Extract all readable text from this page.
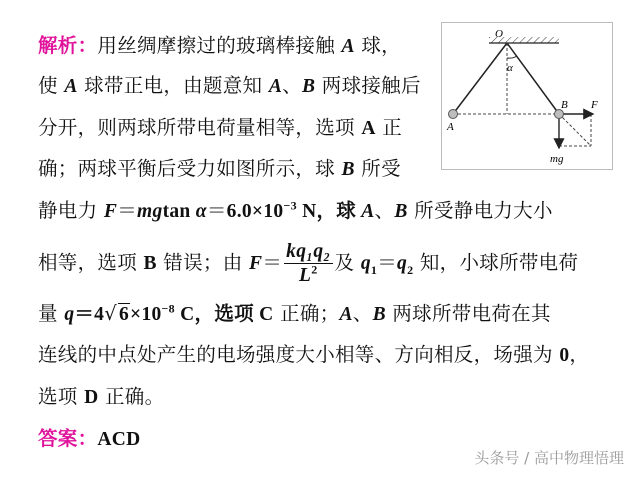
解析：用丝绸摩擦过的玻璃棒接触 A 球，
使 A 球带正电，由题意知 A、B 两球接触后
分开，则两球所带电荷量相等，选项 A 正
确；两球平衡后受力如图所示，球 B 所受
静电力 F＝mgtan $\alpha=6.0\times 10^{-3}$ N，球 A、B 所受静电力大小
相等，选项 B 错误；由 $F= \frac{\text{kq₁q₂}}{L^2}$ 及 $q_1=q_2$ 知，小球所带电荷
量 q＝4√ $6\times 10^{-8}$ C，选项 C 正确；A、B 两球所带电荷在其
连线的中点处产生的电场强度大小相等、方向相反，场强为 0，
选项 D 正确。
答案：ACD
O
α
A
B F
mg
头条号 / 高中物理悟理
